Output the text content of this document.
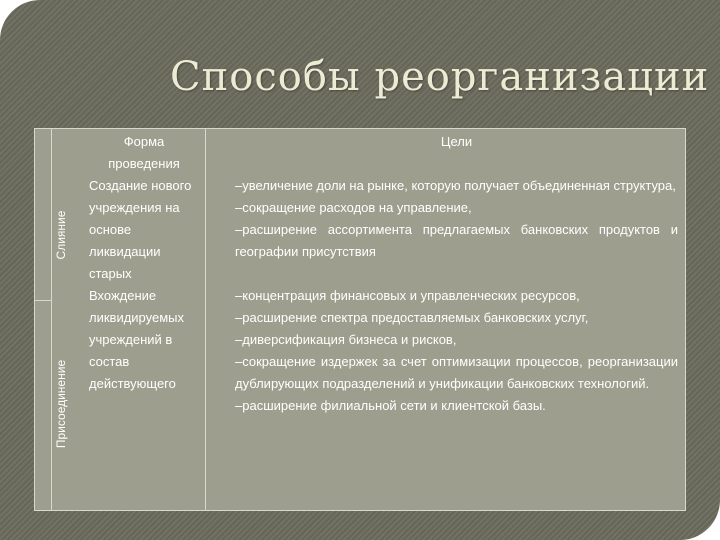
Способы реорганизации
Слияние
Присоединение
Форма проведения
Цели
Создание нового учреждения на основе ликвидации старых

–увеличение доли на рынке, которую получает объединенная структура,

–сокращение расходов на управление,

–расширение ассортимента предлагаемых банковских продуктов и географии присутствия

Вхождение ликвидируемых учреждений в состав действующего

–концентрация финансовых и управленческих ресурсов,

–расширение спектра предоставляемых банковских услуг,

–диверсификация бизнеса и рисков,

–сокращение издержек за счет оптимизации процессов, реорганизации дублирующих подразделений и унификации банковских технологий.

–расширение филиальной сети и клиентской базы.
